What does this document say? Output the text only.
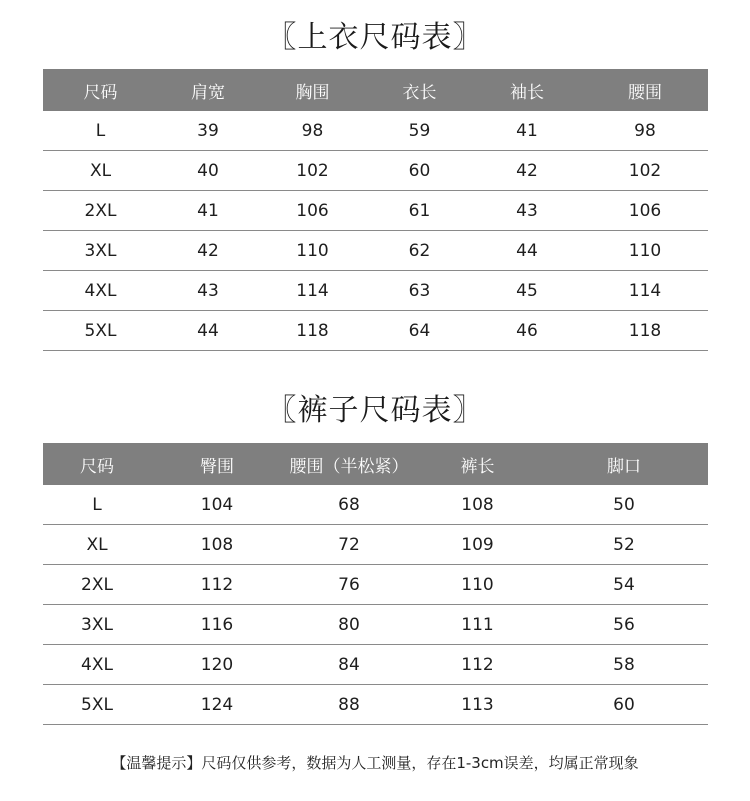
〖上衣尺码表〗
尺码	肩宽	胸围	衣长	袖长	腰围
L	39	98	59	41	98
XL	40	102	60	42	102
2XL	41	106	61	43	106
3XL	42	110	62	44	110
4XL	43	114	63	45	114
5XL	44	118	64	46	118
〖裤子尺码表〗
尺码	臀围	腰围（半松紧）	裤长	脚口
L	104	68	108	50
XL	108	72	109	52
2XL	112	76	110	54
3XL	116	80	111	56
4XL	120	84	112	58
5XL	124	88	113	60
【温馨提示】尺码仅供参考，数据为人工测量，存在1-3cm误差，均属正常现象
